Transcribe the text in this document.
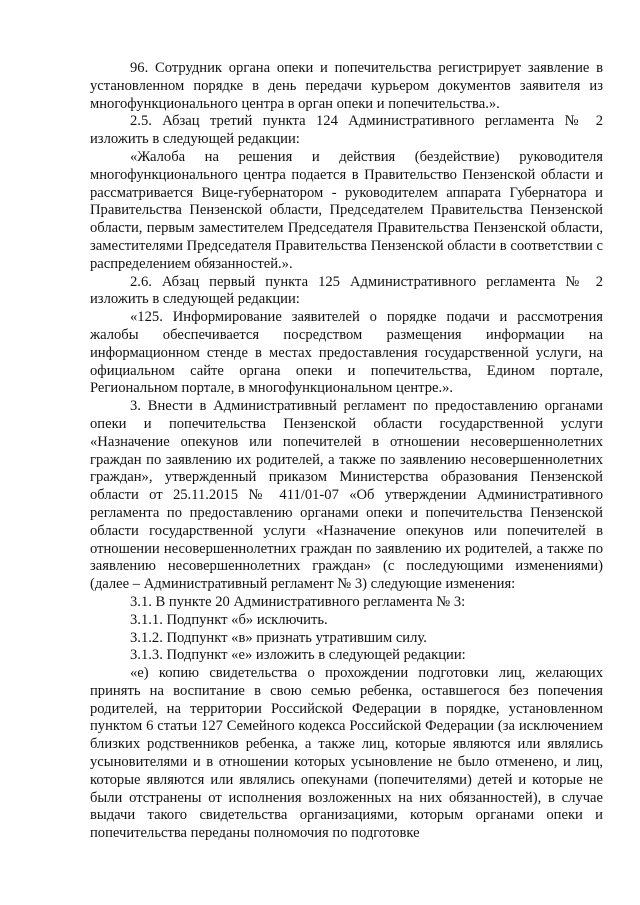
96. Сотрудник органа опеки и попечительства регистрирует заявление в установленном порядке в день передачи курьером документов заявителя из многофункционального центра в орган опеки и попечительства.».

2.5. Абзац третий пункта 124 Административного регламента № 2 изложить в следующей редакции:

«Жалоба на решения и действия (бездействие) руководителя многофункционального центра подается в Правительство Пензенской области и рассматривается Вице-губернатором - руководителем аппарата Губернатора и Правительства Пензенской области, Председателем Правительства Пензенской области, первым заместителем Председателя Правительства Пензенской области, заместителями Председателя Правительства Пензенской области в соответствии с распределением обязанностей.».

2.6. Абзац первый пункта 125 Административного регламента № 2 изложить в следующей редакции:

«125. Информирование заявителей о порядке подачи и рассмотрения жалобы обеспечивается посредством размещения информации на информационном стенде в местах предоставления государственной услуги, на официальном сайте органа опеки и попечительства, Едином портале, Региональном портале, в многофункциональном центре.».

3. Внести в Административный регламент по предоставлению органами опеки и попечительства Пензенской области государственной услуги «Назначение опекунов или попечителей в отношении несовершеннолетних граждан по заявлению их родителей, а также по заявлению несовершеннолетних граждан», утвержденный приказом Министерства образования Пензенской области от 25.11.2015 № 411/01-07 «Об утверждении Административного регламента по предоставлению органами опеки и попечительства Пензенской области государственной услуги «Назначение опекунов или попечителей в отношении несовершеннолетних граждан по заявлению их родителей, а также по заявлению несовершеннолетних граждан» (с последующими изменениями) (далее – Административный регламент № 3) следующие изменения:

3.1. В пункте 20 Административного регламента № 3:

3.1.1. Подпункт «б» исключить.

3.1.2. Подпункт «в» признать утратившим силу.

3.1.3. Подпункт «е» изложить в следующей редакции:

«е) копию свидетельства о прохождении подготовки лиц, желающих принять на воспитание в свою семью ребенка, оставшегося без попечения родителей, на территории Российской Федерации в порядке, установленном пунктом 6 статьи 127 Семейного кодекса Российской Федерации (за исключением близких родственников ребенка, а также лиц, которые являются или являлись усыновителями и в отношении которых усыновление не было отменено, и лиц, которые являются или являлись опекунами (попечителями) детей и которые не были отстранены от исполнения возложенных на них обязанностей), в случае выдачи такого свидетельства организациями, которым органами опеки и попечительства переданы полномочия по подготовке
